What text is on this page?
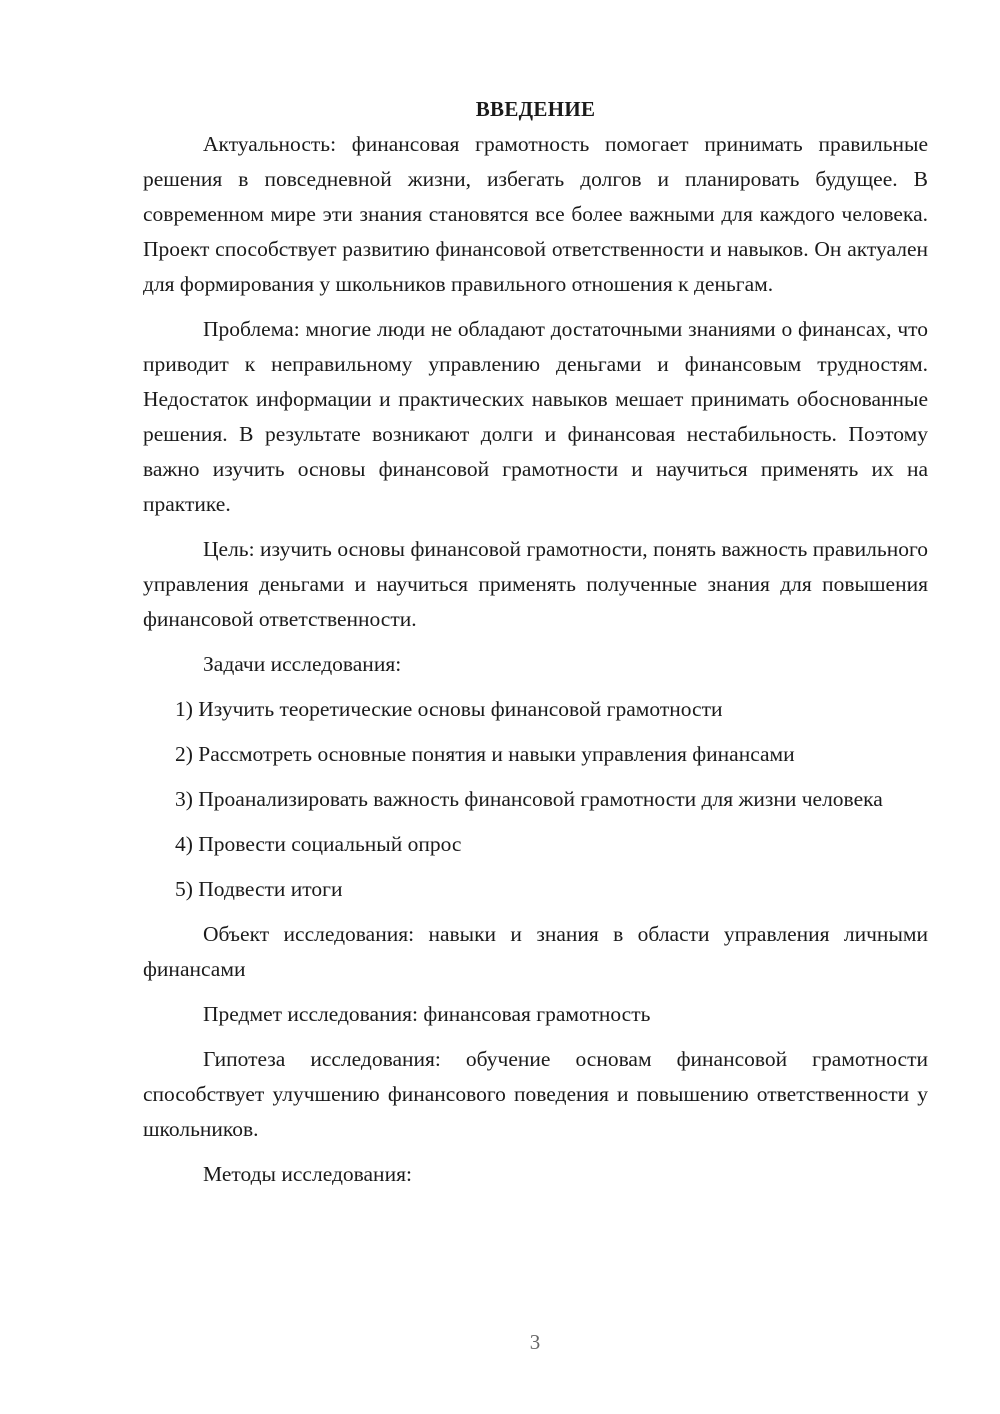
ВВЕДЕНИЕ

Актуальность: финансовая грамотность помогает принимать правильные решения в повседневной жизни, избегать долгов и планировать будущее. В современном мире эти знания становятся все более важными для каждого человека. Проект способствует развитию финансовой ответственности и навыков. Он актуален для формирования у школьников правильного отношения к деньгам.

Проблема: многие люди не обладают достаточными знаниями о финансах, что приводит к неправильному управлению деньгами и финансовым трудностям. Недостаток информации и практических навыков мешает принимать обоснованные решения. В результате возникают долги и финансовая нестабильность. Поэтому важно изучить основы финансовой грамотности и научиться применять их на практике.

Цель: изучить основы финансовой грамотности, понять важность правильного управления деньгами и научиться применять полученные знания для повышения финансовой ответственности.

Задачи исследования:

1) Изучить теоретические основы финансовой грамотности

2) Рассмотреть основные понятия и навыки управления финансами

3) Проанализировать важность финансовой грамотности для жизни человека

4) Провести социальный опрос

5) Подвести итоги

Объект исследования: навыки и знания в области управления личными финансами

Предмет исследования: финансовая грамотность

Гипотеза исследования: обучение основам финансовой грамотности способствует улучшению финансового поведения и повышению ответственности у школьников.

Методы исследования:

3
